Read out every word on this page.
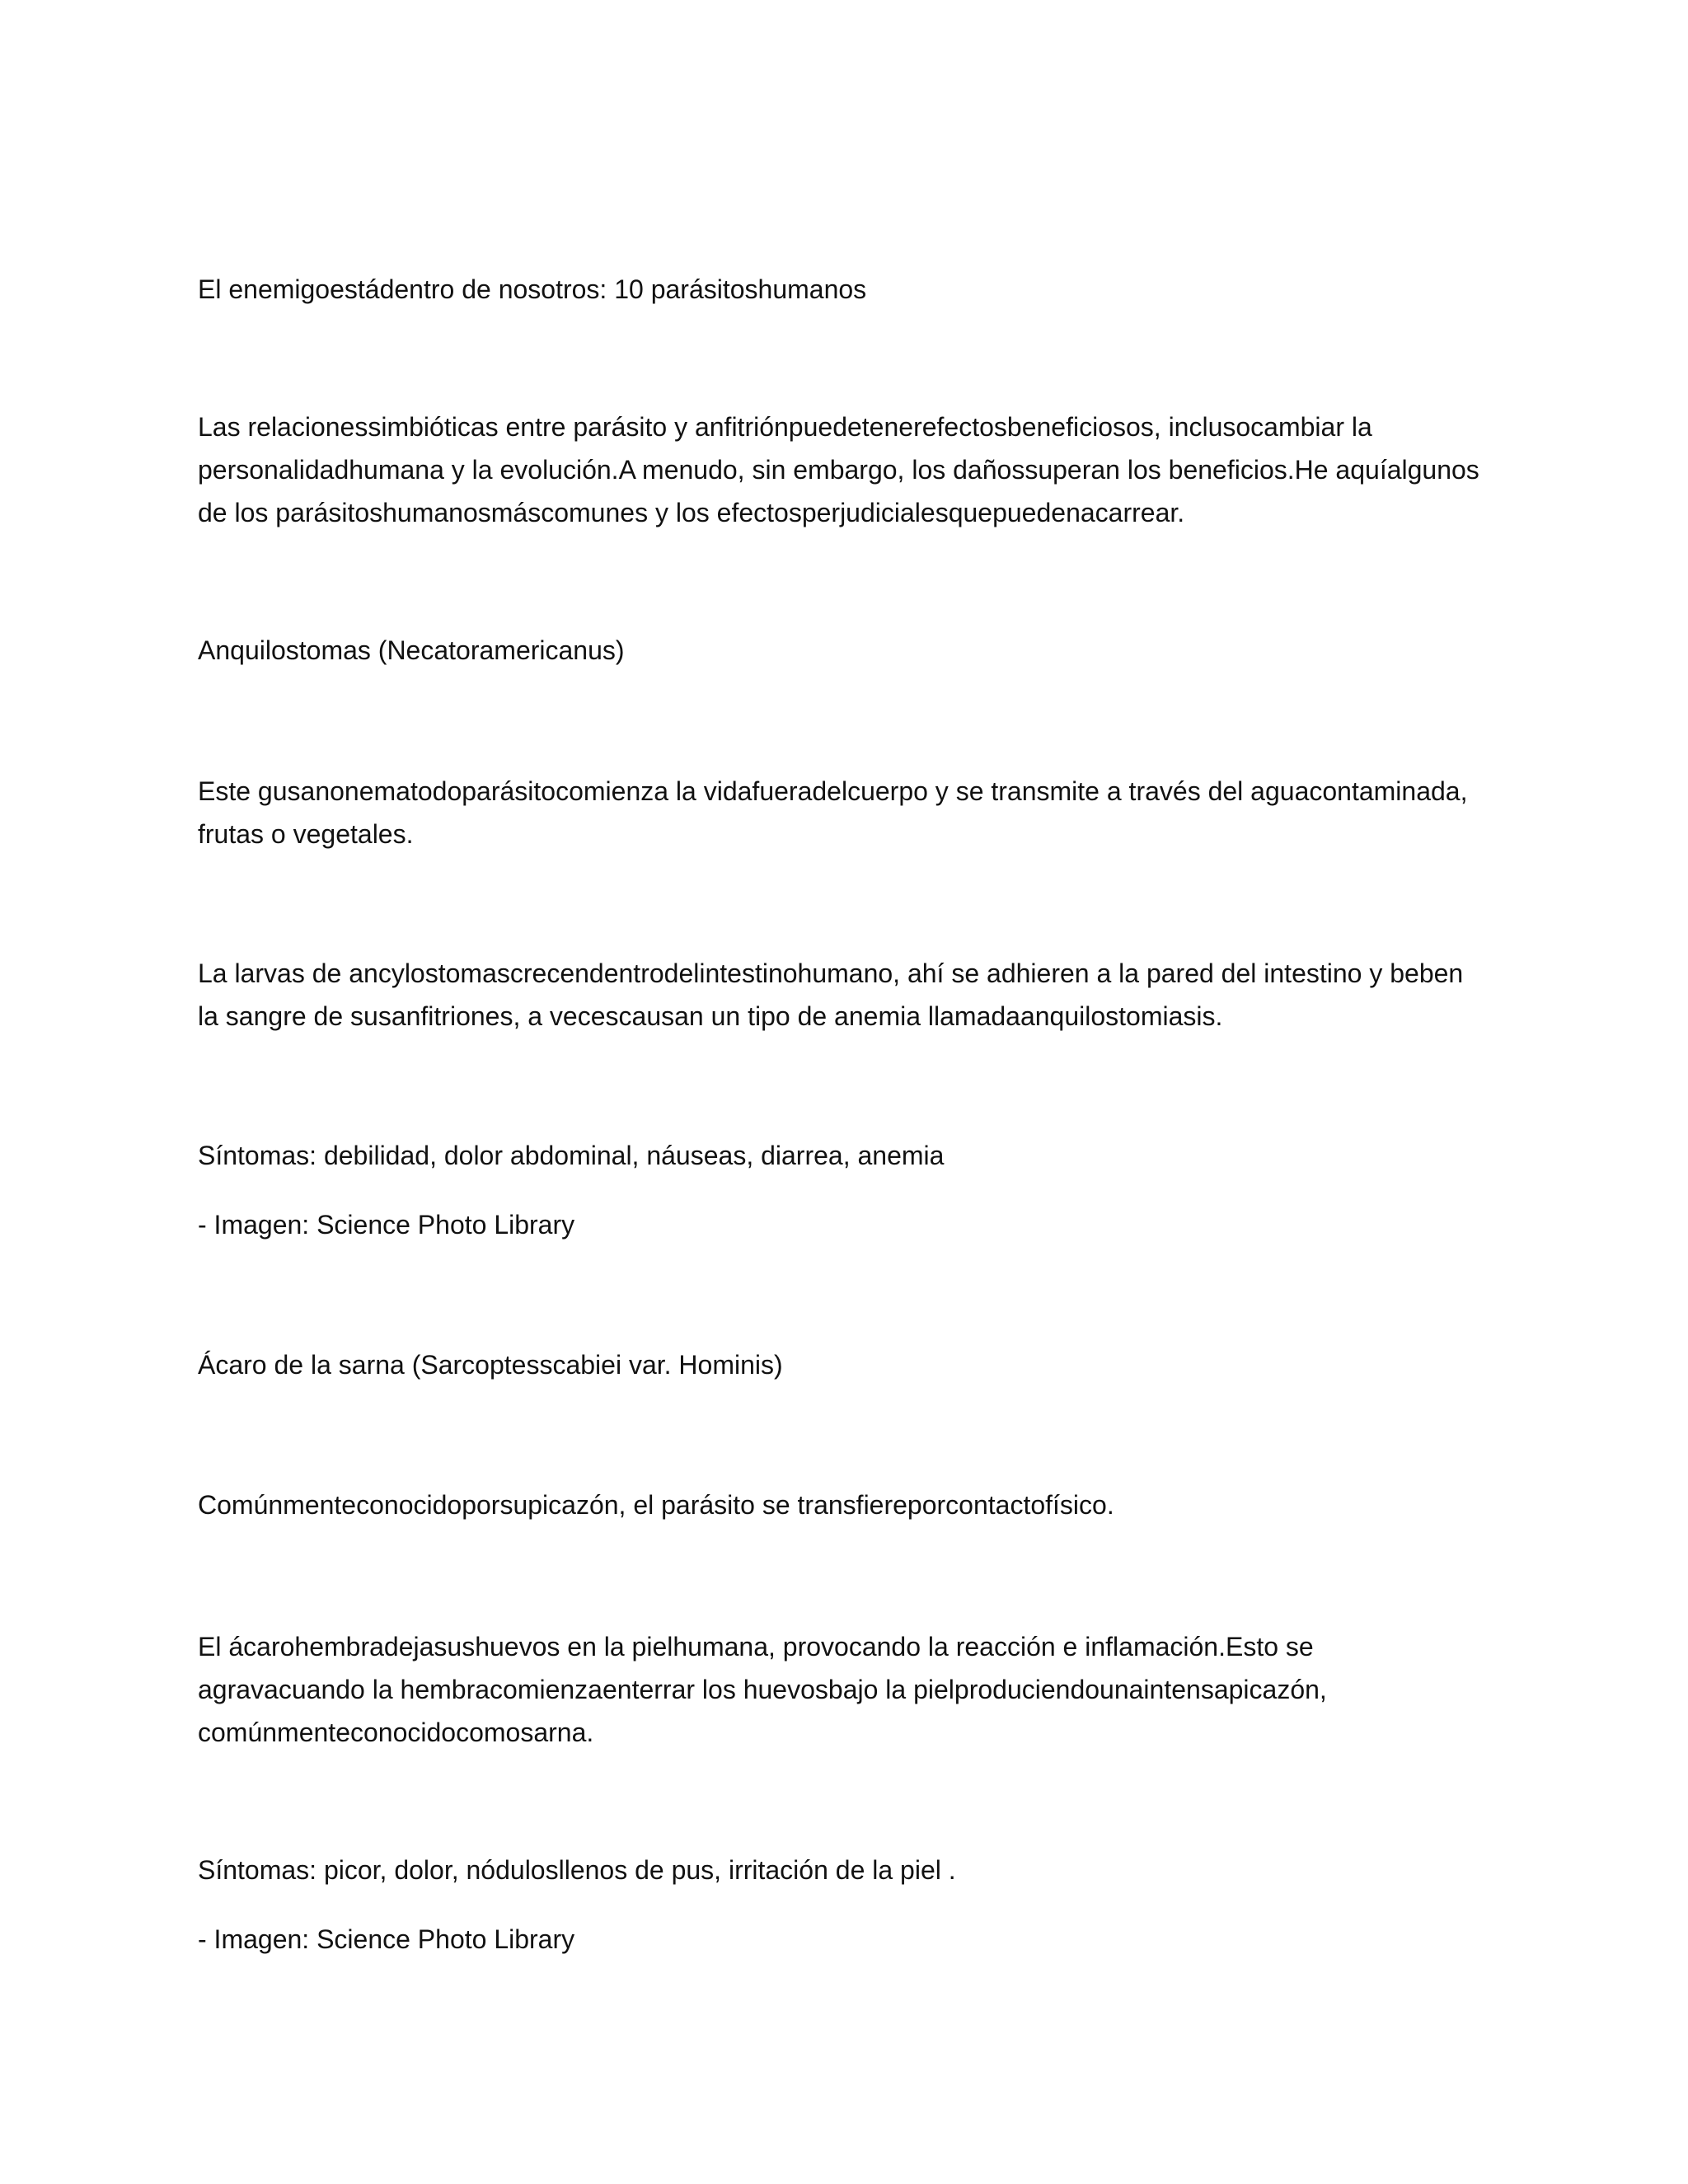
El enemigoestádentro de nosotros: 10 parásitoshumanos
Las relacionessimbióticas entre parásito y anfitriónpuedetenerefectosbeneficiosos, inclusocambiar la personalidadhumana y la evolución.A menudo, sin embargo, los dañossuperan los beneficios.He aquíalgunos de los parásitoshumanosmáscomunes y los efectosperjudicialesquepuedenacarrear.
Anquilostomas (Necatoramericanus)
Este gusanonematodoparásitocomienza la vidafueradelcuerpo y se transmite a través del aguacontaminada, frutas o vegetales.
La larvas de ancylostomascrecendentrodelintestinohumano, ahí se adhieren a la pared del intestino y beben la sangre de susanfitriones, a vecescausan un tipo de anemia llamadaanquilostomiasis.
Síntomas: debilidad, dolor abdominal, náuseas, diarrea, anemia
- Imagen: Science Photo Library
Ácaro de la sarna (Sarcoptesscabiei var. Hominis)
Comúnmenteconocidoporsupicazón, el parásito se transfiereporcontactofísico.
El ácarohembradejasushuevos en la pielhumana, provocando la reacción e inflamación.Esto se agravacuando la hembracomienzaenterrar los huevosbajo la pielproduciendounaintensapicazón, comúnmenteconocidocomosarna.
Síntomas: picor, dolor, nódulosllenos de pus, irritación de la piel .
- Imagen: Science Photo Library
